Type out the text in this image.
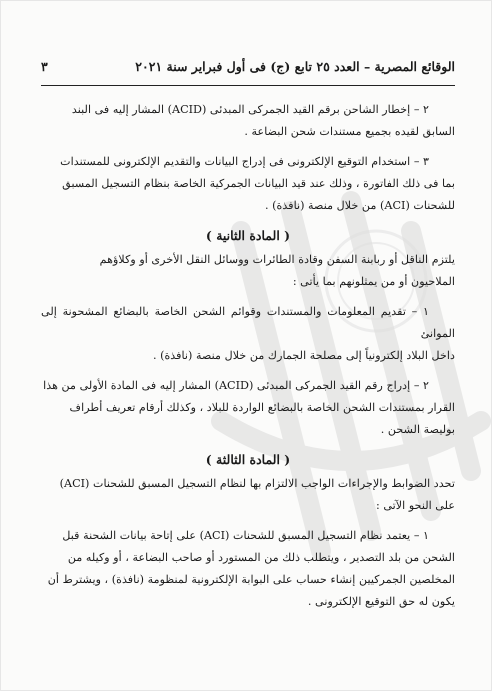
الوقائع المصرية – العدد ٢٥ تابع (ج) فى أول فبراير سنة ٢٠٢١
٣

٢ – إخطار الشاحن برقم القيد الجمركى المبدئى (ACID) المشار إليه فى البند

السابق لقيده بجميع مستندات شحن البضاعة .

٣ – استخدام التوقيع الإلكترونى فى إدراج البيانات والتقديم الإلكترونى للمستندات

بما فى ذلك الفاتورة ، وذلك عند قيد البيانات الجمركية الخاصة بنظام التسجيل المسبق

للشحنات (ACI) من خلال منصة (نافذة) .

( المادة الثانية )

يلتزم الناقل أو ربابنة السفن وقادة الطائرات ووسائل النقل الأخرى أو وكلاؤهم

الملاحيون أو من يمثلونهم بما يأتى :

١ – تقديم المعلومات والمستندات وقوائم الشحن الخاصة بالبضائع المشحونة إلى الموانئ

داخل البلاد إلكترونياً إلى مصلحة الجمارك من خلال منصة (نافذة) .

٢ – إدراج رقم القيد الجمركى المبدئى (ACID) المشار إليه فى المادة الأولى من هذا

القرار بمستندات الشحن الخاصة بالبضائع الواردة للبلاد ، وكذلك أرقام تعريف أطراف

بوليصة الشحن .

( المادة الثالثة )

تحدد الضوابط والإجراءات الواجب الالتزام بها لنظام التسجيل المسبق للشحنات (ACI)

على النحو الآتى :

١ – يعتمد نظام التسجيل المسبق للشحنات (ACI) على إتاحة بيانات الشحنة قبل

الشحن من بلد التصدير ، ويتطلب ذلك من المستورد أو صاحب البضاعة ، أو وكيله من

المخلصين الجمركيين إنشاء حساب على البوابة الإلكترونية لمنظومة (نافذة) ، ويشترط أن

يكون له حق التوقيع الإلكترونى .
